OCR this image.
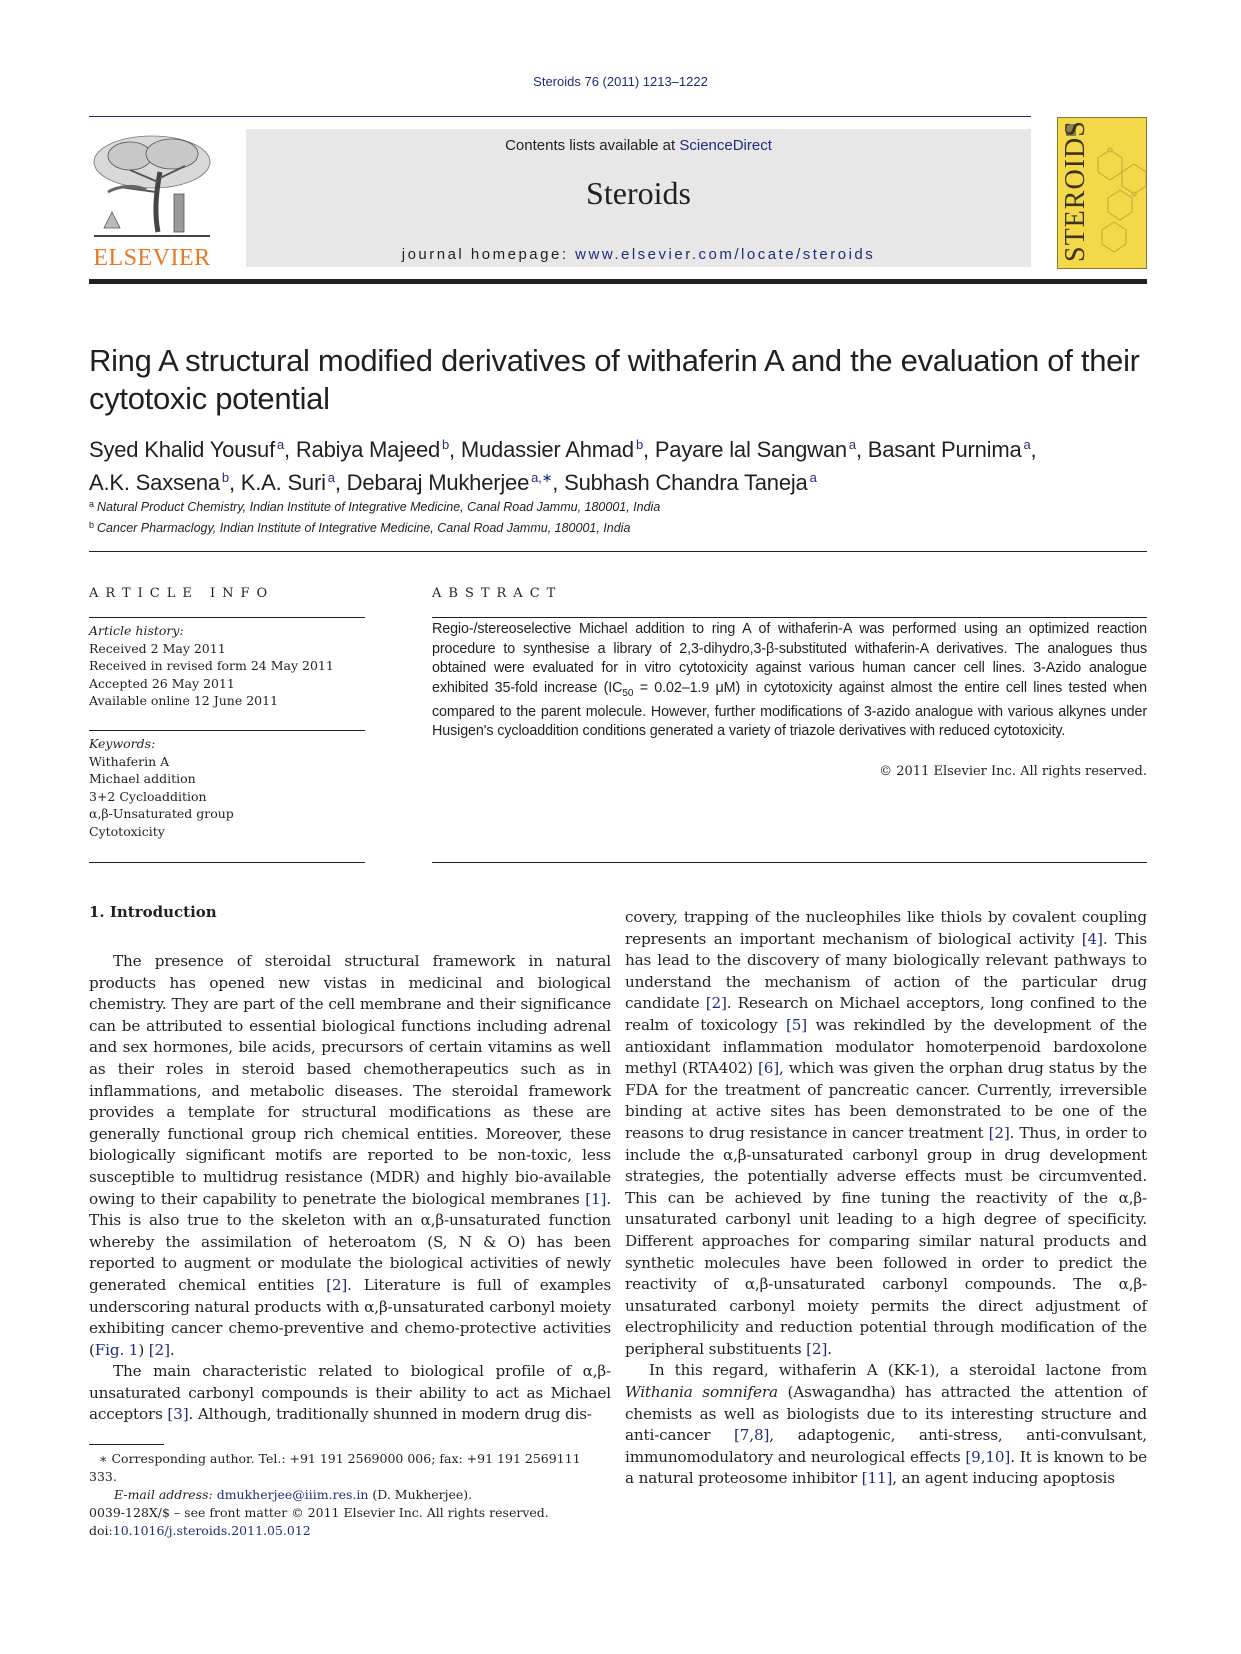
Steroids 76 (2011) 1213–1222
ELSEVIER
Contents lists available at ScienceDirect
Steroids
journal homepage: www.elsevier.com/locate/steroids	STEROIDS
Ring A structural modified derivatives of withaferin A and the evaluation of their cytotoxic potential
Syed Khalid Yousuf $^a$, Rabiya Majeed $^b$, Mudassier Ahmad $^b$, Payare lal Sangwan $^a$, Basant Purnima $^a$,
A.K. Saxsena $^b$, K.A. Suri $^a$, Debaraj Mukherjee $^{a,∗}$, Subhash Chandra Taneja $^a$
$^a$ Natural Product Chemistry, Indian Institute of Integrative Medicine, Canal Road Jammu, 180001, India
$^b$ Cancer Pharmaclogy, Indian Institute of Integrative Medicine, Canal Road Jammu, 180001, India
ARTICLE INFO
Article history:
Received 2 May 2011
Received in revised form 24 May 2011
Accepted 26 May 2011
Available online 12 June 2011
Keywords:
Withaferin A
Michael addition
3+2 Cycloaddition
α,β-Unsaturated group
Cytotoxicity
ABSTRACT
Regio-/stereoselective Michael addition to ring A of withaferin-A was performed using an optimized reaction procedure to synthesise a library of 2,3-dihydro,3-β-substituted withaferin-A derivatives. The analogues thus obtained were evaluated for in vitro cytotoxicity against various human cancer cell lines. 3-Azido analogue exhibited 35-fold increase ($IC_{50} = 0.02-1.9$ μM) in cytotoxicity against almost the entire cell lines tested when compared to the parent molecule. However, further modifications of 3-azido analogue with various alkynes under Husigen's cycloaddition conditions generated a variety of triazole derivatives with reduced cytotoxicity.
© 2011 Elsevier Inc. All rights reserved.
1. Introduction

The presence of steroidal structural framework in natural products has opened new vistas in medicinal and biological chemistry. They are part of the cell membrane and their significance can be attributed to essential biological functions including adrenal and sex hormones, bile acids, precursors of certain vitamins as well as their roles in steroid based chemotherapeutics such as in inflammations, and metabolic diseases. The steroidal framework provides a template for structural modifications as these are generally functional group rich chemical entities. Moreover, these biologically significant motifs are reported to be non-toxic, less susceptible to multidrug resistance (MDR) and highly bio-available owing to their capability to penetrate the biological membranes [1]. This is also true to the skeleton with an α,β-unsaturated function whereby the assimilation of heteroatom (S, N & O) has been reported to augment or modulate the biological activities of newly generated chemical entities [2]. Literature is full of examples underscoring natural products with α,β-unsaturated carbonyl moiety exhibiting cancer chemo-preventive and chemo-protective activities (Fig. 1) [2].

The main characteristic related to biological profile of α,β-unsaturated carbonyl compounds is their ability to act as Michael acceptors [3]. Although, traditionally shunned in modern drug dis-

covery, trapping of the nucleophiles like thiols by covalent coupling represents an important mechanism of biological activity [4]. This has lead to the discovery of many biologically relevant pathways to understand the mechanism of action of the particular drug candidate [2]. Research on Michael acceptors, long confined to the realm of toxicology [5] was rekindled by the development of the antioxidant inflammation modulator homoterpenoid bardoxolone methyl (RTA402) [6], which was given the orphan drug status by the FDA for the treatment of pancreatic cancer. Currently, irreversible binding at active sites has been demonstrated to be one of the reasons to drug resistance in cancer treatment [2]. Thus, in order to include the α,β-unsaturated carbonyl group in drug development strategies, the potentially adverse effects must be circumvented. This can be achieved by fine tuning the reactivity of the α,β-unsaturated carbonyl unit leading to a high degree of specificity. Different approaches for comparing similar natural products and synthetic molecules have been followed in order to predict the reactivity of α,β-unsaturated carbonyl compounds. The α,β-unsaturated carbonyl moiety permits the direct adjustment of electrophilicity and reduction potential through modification of the peripheral substituents [2].

In this regard, withaferin A (KK-1), a steroidal lactone from Withania somnifera (Aswagandha) has attracted the attention of chemists as well as biologists due to its interesting structure and anti-cancer [7,8], adaptogenic, anti-stress, anti-convulsant, immunomodulatory and neurological effects [9,10]. It is known to be a natural proteosome inhibitor [11], an agent inducing apoptosis

∗ Corresponding author. Tel.: +91 191 2569000 006; fax: +91 191 2569111 333.
E-mail address: dmukherjee@iiim.res.in (D. Mukherjee).
0039-128X/$ – see front matter © 2011 Elsevier Inc. All rights reserved.
doi:10.1016/j.steroids.2011.05.012
